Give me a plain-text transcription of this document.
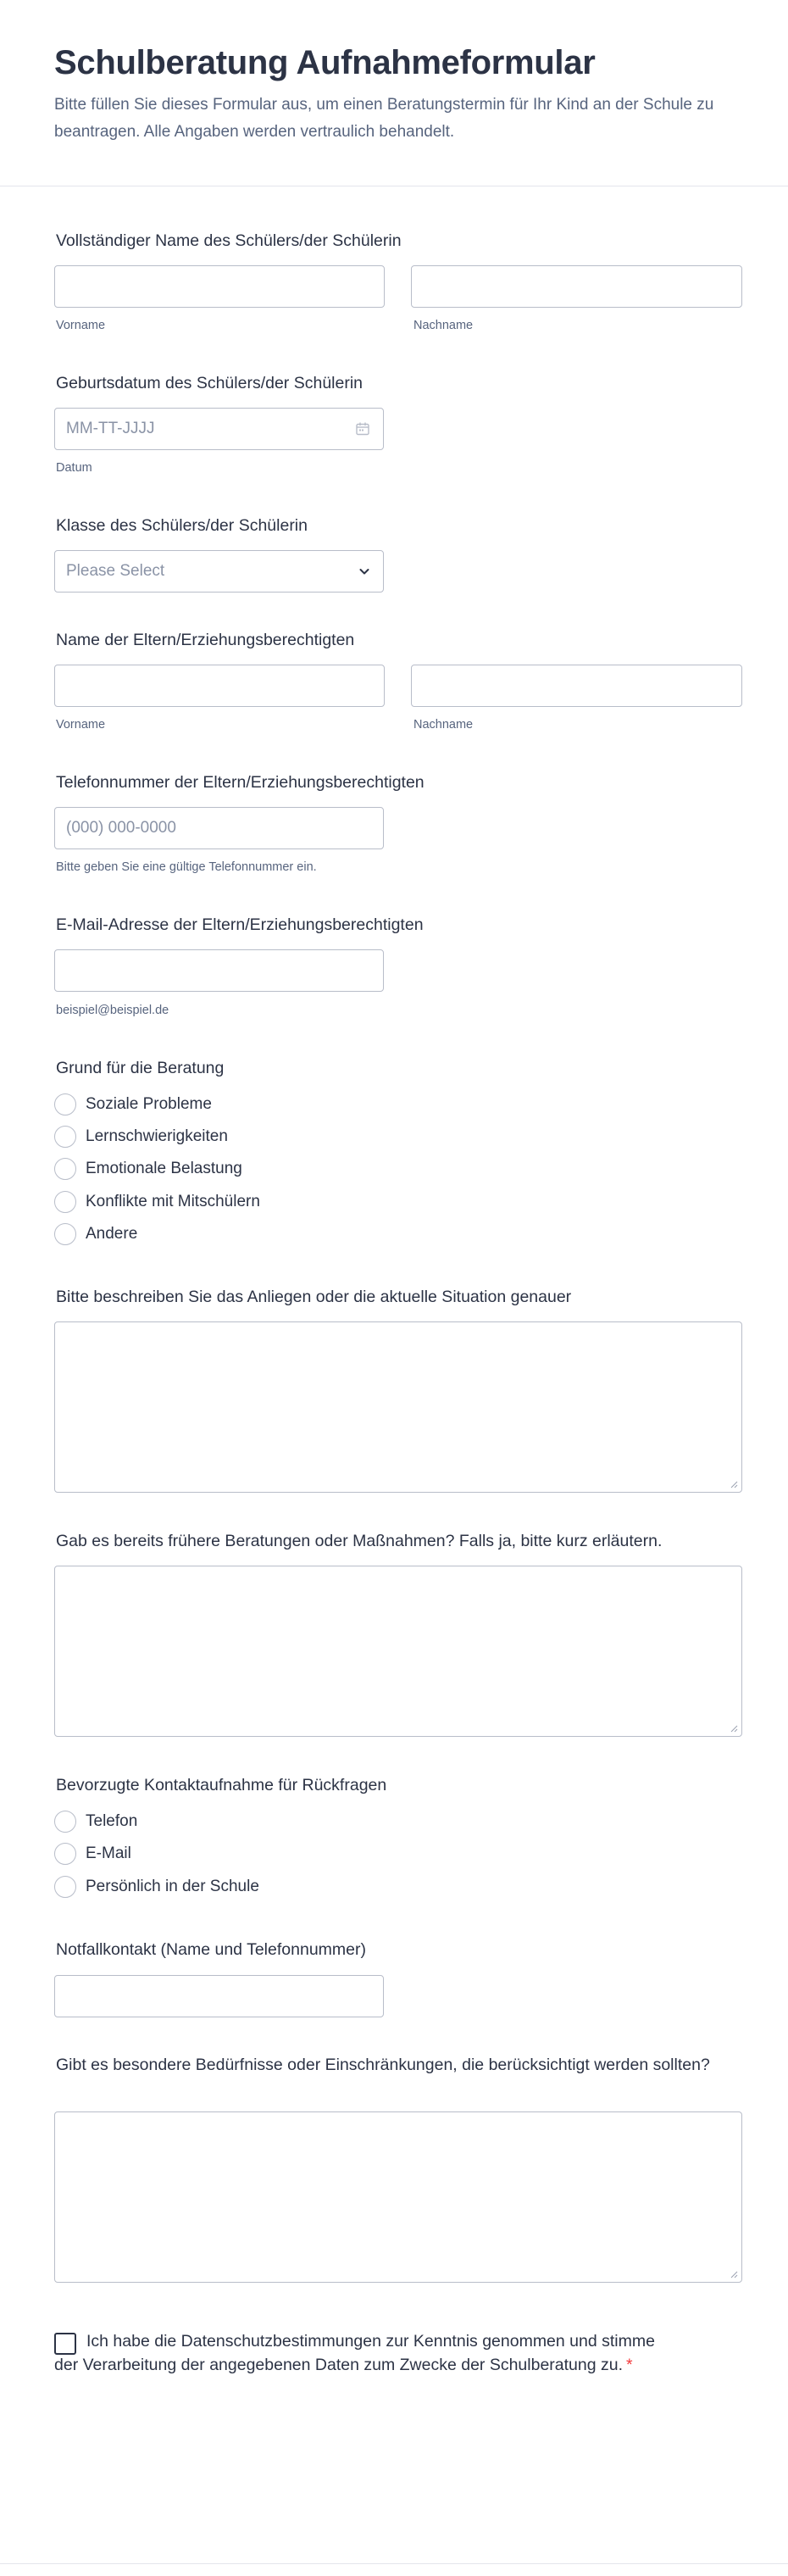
Schulberatung Aufnahmeformular

Bitte füllen Sie dieses Formular aus, um einen Beratungstermin für Ihr Kind an der Schule zu beantragen. Alle Angaben werden vertraulich behandelt.

Vollständiger Name des Schülers/der Schülerin
Vorname	Nachname
Geburtsdatum des Schülers/der Schülerin
MM-TT-JJJJ
Datum
Klasse des Schülers/der Schülerin
Please Select
Name der Eltern/Erziehungsberechtigten
Vorname	Nachname
Telefonnummer der Eltern/Erziehungsberechtigten
(000) 000-0000
Bitte geben Sie eine gültige Telefonnummer ein.
E-Mail-Adresse der Eltern/Erziehungsberechtigten
beispiel@beispiel.de
Grund für die Beratung
Soziale Probleme
Lernschwierigkeiten
Emotionale Belastung
Konflikte mit Mitschülern
Andere
Bitte beschreiben Sie das Anliegen oder die aktuelle Situation genauer
Gab es bereits frühere Beratungen oder Maßnahmen? Falls ja, bitte kurz erläutern.
Bevorzugte Kontaktaufnahme für Rückfragen
Telefon
E-Mail
Persönlich in der Schule
Notfallkontakt (Name und Telefonnummer)
Gibt es besondere Bedürfnisse oder Einschränkungen, die berücksichtigt werden sollten?
Ich habe die Datenschutzbestimmungen zur Kenntnis genommen und stimme der Verarbeitung der angegebenen Daten zum Zwecke der Schulberatung zu. *
